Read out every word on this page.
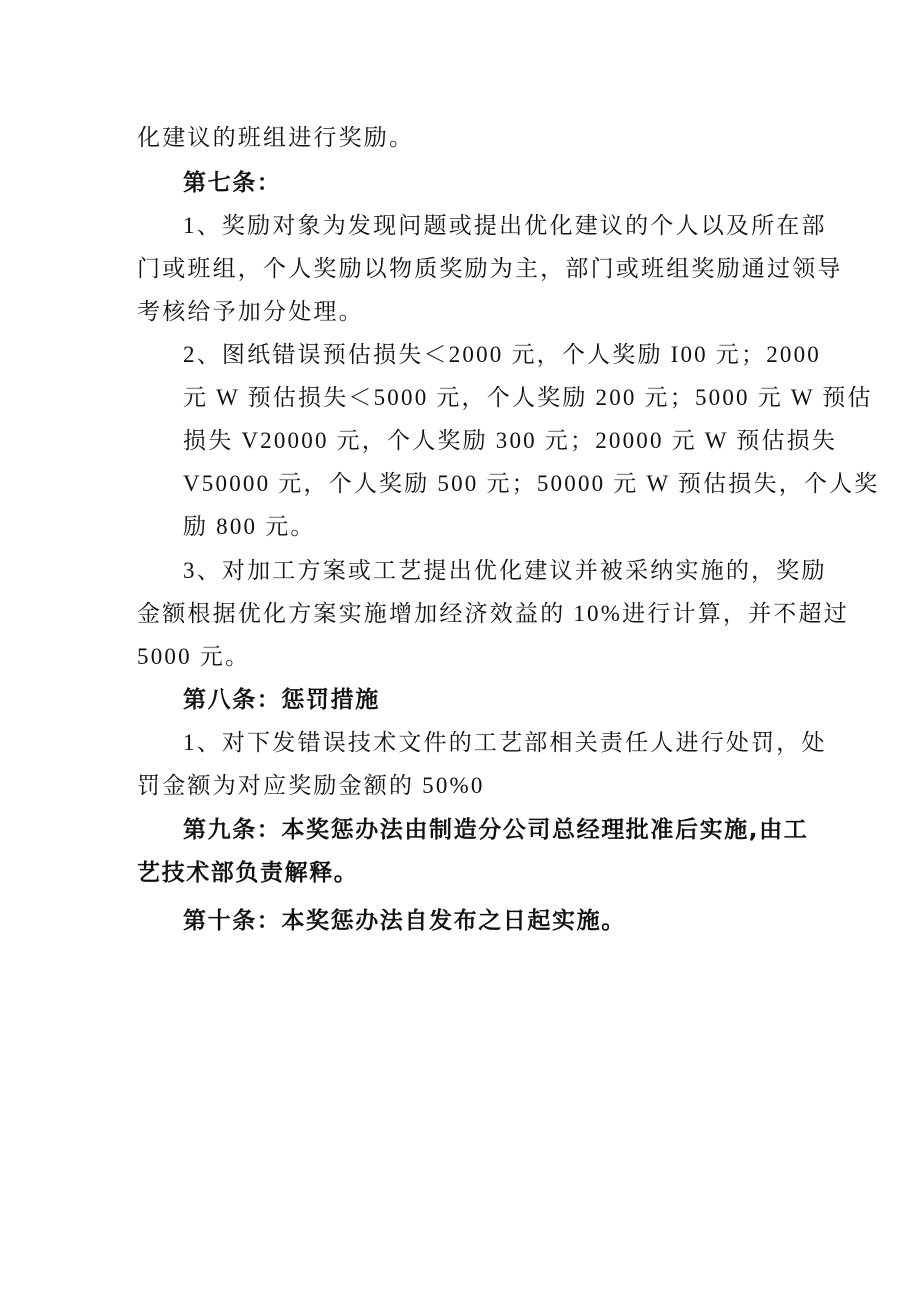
化建议的班组进行奖励。
第七条：
1、奖励对象为发现问题或提出优化建议的个人以及所在部
门或班组，个人奖励以物质奖励为主，部门或班组奖励通过领导
考核给予加分处理。
2、图纸错误预估损失＜2000 元，个人奖励 I00 元；2000
元 W 预估损失＜5000 元，个人奖励 200 元；5000 元 W 预估
损失 V20000 元，个人奖励 300 元；20000 元 W 预估损失
V50000 元，个人奖励 500 元；50000 元 W 预估损失，个人奖
励 800 元。
3、对加工方案或工艺提出优化建议并被采纳实施的，奖励
金额根据优化方案实施增加经济效益的 10%进行计算，并不超过
5000 元。
第八条：惩罚措施
1、对下发错误技术文件的工艺部相关责任人进行处罚，处
罚金额为对应奖励金额的 50%0
第九条：本奖惩办法由制造分公司总经理批准后实施,由工
艺技术部负责解释。
第十条：本奖惩办法自发布之日起实施。
